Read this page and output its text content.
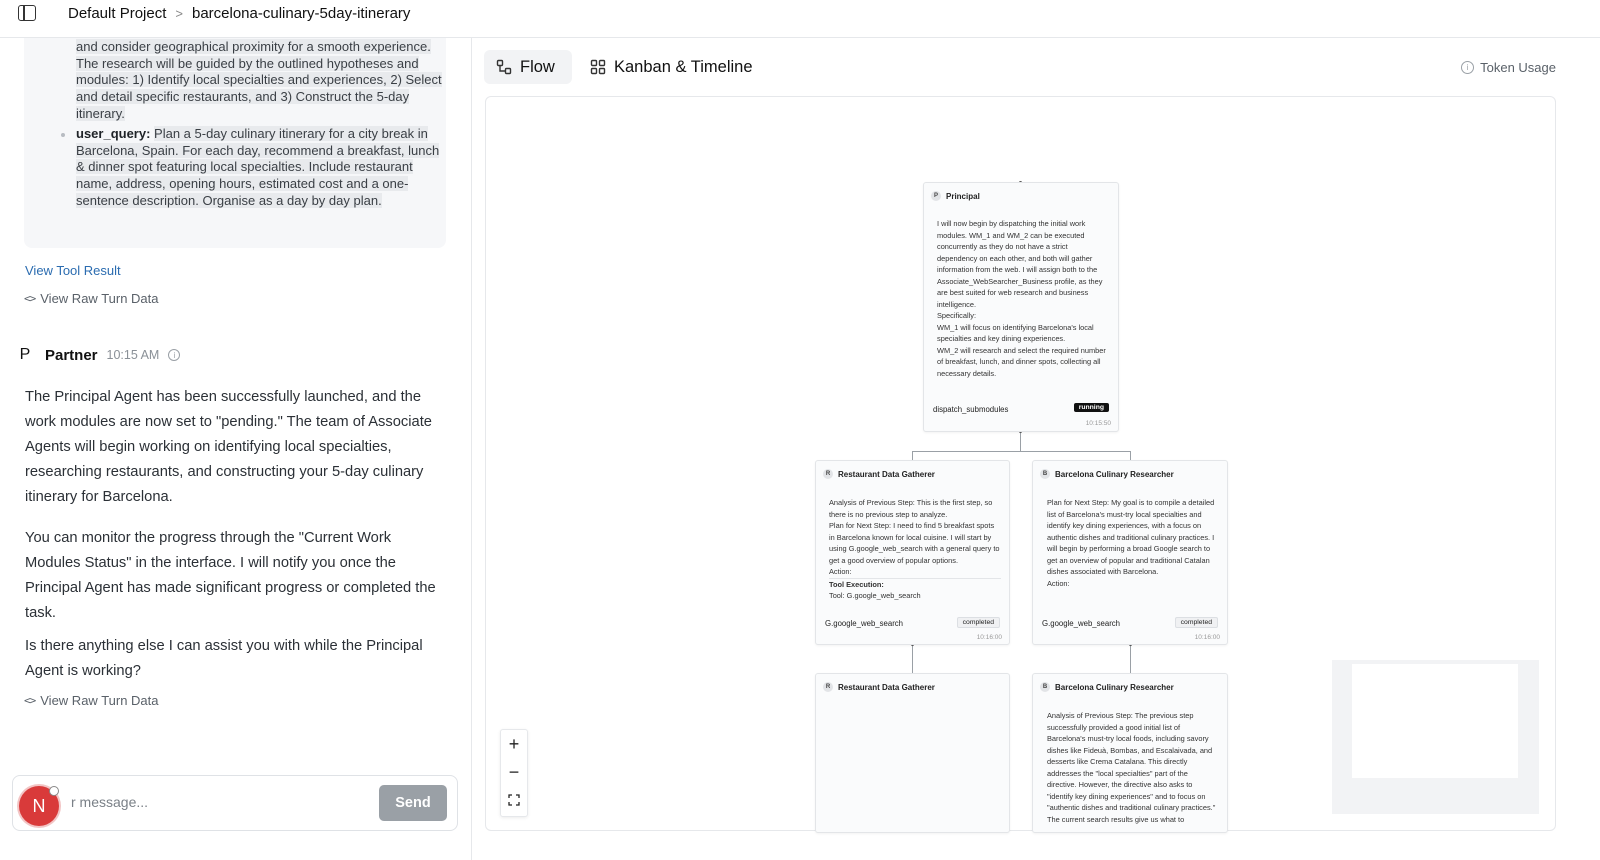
Default Project > barcelona-culinary-5day-itinerary
and consider geographical proximity for a smooth experience. The research will be guided by the outlined hypotheses and modules: 1) Identify local specialties and experiences, 2) Select and detail specific restaurants, and 3) Construct the 5-day itinerary.
user_query: Plan a 5-day culinary itinerary for a city break in Barcelona, Spain. For each day, recommend a breakfast, lunch & dinner spot featuring local specialties. Include restaurant name, address, opening hours, estimated cost and a one-sentence description. Organise as a day by day plan.
View Tool Result
<> View Raw Turn Data
P Partner 10:15 AM	i

The Principal Agent has been successfully launched, and the work modules are now set to "pending." The team of Associate Agents will begin working on identifying local specialties, researching restaurants, and constructing your 5-day culinary itinerary for Barcelona.

You can monitor the progress through the "Current Work Modules Status" in the interface. I will notify you once the Principal Agent has made significant progress or completed the task.

Is there anything else I can assist you with while the Principal Agent is working?

<> View Raw Turn Data
r message...	Send
N
Flow	Kanban & Timeline	i Token Usage
P	Principal
I will now begin by dispatching the initial work modules. WM_1 and WM_2 can be executed concurrently as they do not have a strict dependency on each other, and both will gather information from the web. I will assign both to the Associate_WebSearcher_Business profile, as they are best suited for web research and business intelligence.
Specifically:
WM_1 will focus on identifying Barcelona's local specialties and key dining experiences.
WM_2 will research and select the required number of breakfast, lunch, and dinner spots, collecting all necessary details.
dispatch_submodules	running
10:15:50
R Restaurant Data Gatherer
Analysis of Previous Step: This is the first step, so there is no previous step to analyze.
Plan for Next Step: I need to find 5 breakfast spots in Barcelona known for local cuisine. I will start by using G.google_web_search with a general query to get a good overview of popular options.
Action:
Tool Execution:
Tool: G.google_web_search
G.google_web_search	completed
10:16:00
B Barcelona Culinary Researcher
Plan for Next Step: My goal is to compile a detailed list of Barcelona's must-try local specialties and identify key dining experiences, with a focus on authentic dishes and traditional culinary practices. I will begin by performing a broad Google search to get an overview of popular and traditional Catalan dishes associated with Barcelona.
Action:
G.google_web_search	completed
10:16:00
R Restaurant Data Gatherer	B Barcelona Culinary Researcher
Analysis of Previous Step: The previous step successfully provided a good initial list of Barcelona's must-try local foods, including savory dishes like Fideuà, Bombas, and Escalaivada, and desserts like Crema Catalana. This directly addresses the "local specialties" part of the directive. However, the directive also asks to "identify key dining experiences" and to focus on "authentic dishes and traditional culinary practices."
The current search results give us what to
+
−
